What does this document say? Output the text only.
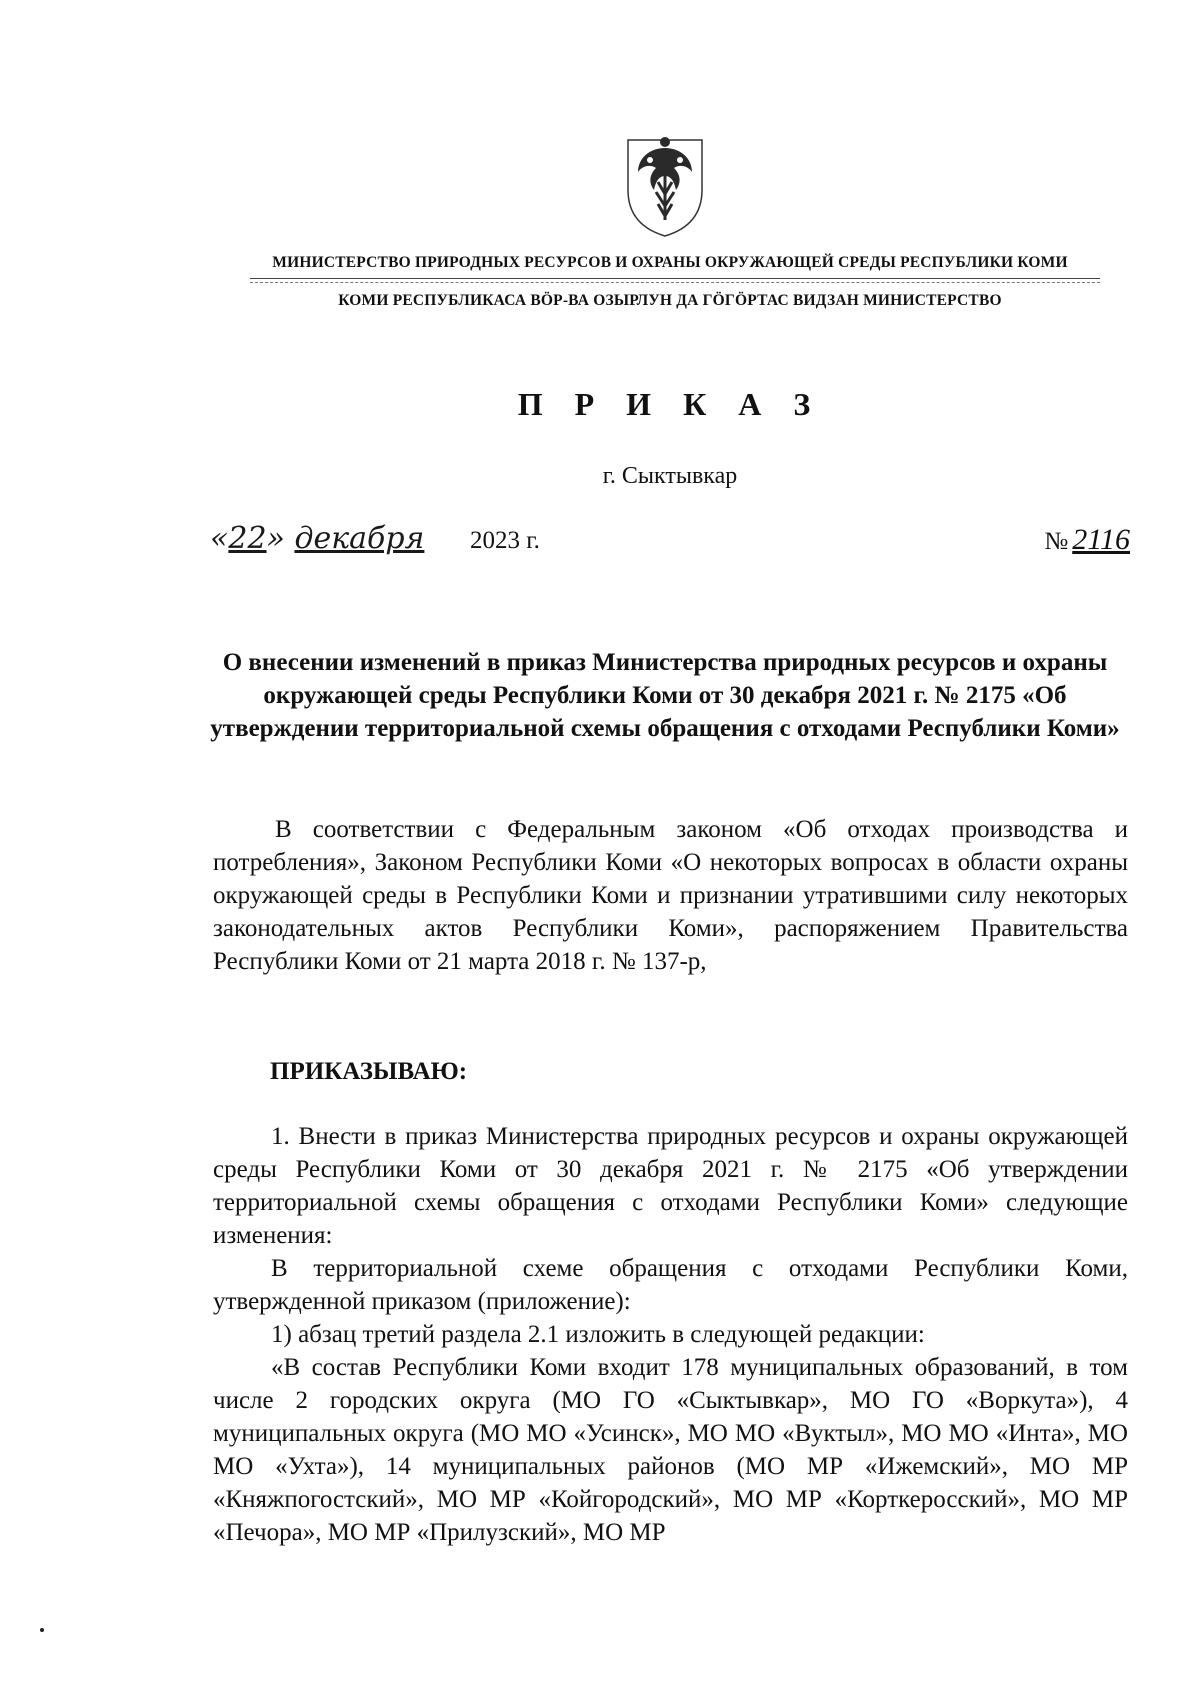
МИНИСТЕРСТВО ПРИРОДНЫХ РЕСУРСОВ И ОХРАНЫ ОКРУЖАЮЩЕЙ СРЕДЫ РЕСПУБЛИКИ КОМИ
КОМИ РЕСПУБЛИКАСА ВÖР-ВА ОЗЫРЛУН ДА ГÖГÖРТАС ВИДЗАН МИНИСТЕРСТВО
П Р И К А З
г. Сыктывкар
«22» декабря 2023 г.	№ 2116
О внесении изменений в приказ Министерства природных ресурсов и охраны окружающей среды Республики Коми от 30 декабря 2021 г. № 2175 «Об утверждении территориальной схемы обращения с отходами Республики Коми»
В соответствии с Федеральным законом «Об отходах производства и потребления», Законом Республики Коми «О некоторых вопросах в области охраны окружающей среды в Республики Коми и признании утратившими силу некоторых законодательных актов Республики Коми», распоряжением Правительства Республики Коми от 21 марта 2018 г. № 137-р,
ПРИКАЗЫВАЮ:
1. Внести в приказ Министерства природных ресурсов и охраны окружающей среды Республики Коми от 30 декабря 2021 г. № 2175 «Об утверждении территориальной схемы обращения с отходами Республики Коми» следующие изменения:
В территориальной схеме обращения с отходами Республики Коми, утвержденной приказом (приложение):
1) абзац третий раздела 2.1 изложить в следующей редакции:
«В состав Республики Коми входит 178 муниципальных образований, в том числе 2 городских округа (МО ГО «Сыктывкар», МО ГО «Воркута»), 4 муниципальных округа (МО МО «Усинск», МО МО «Вуктыл», МО МО «Инта», МО МО «Ухта»), 14 муниципальных районов (МО МР «Ижемский», МО МР «Княжпогостский», МО МР «Койгородский», МО МР «Корткеросский», МО МР «Печора», МО МР «Прилузский», МО МР
